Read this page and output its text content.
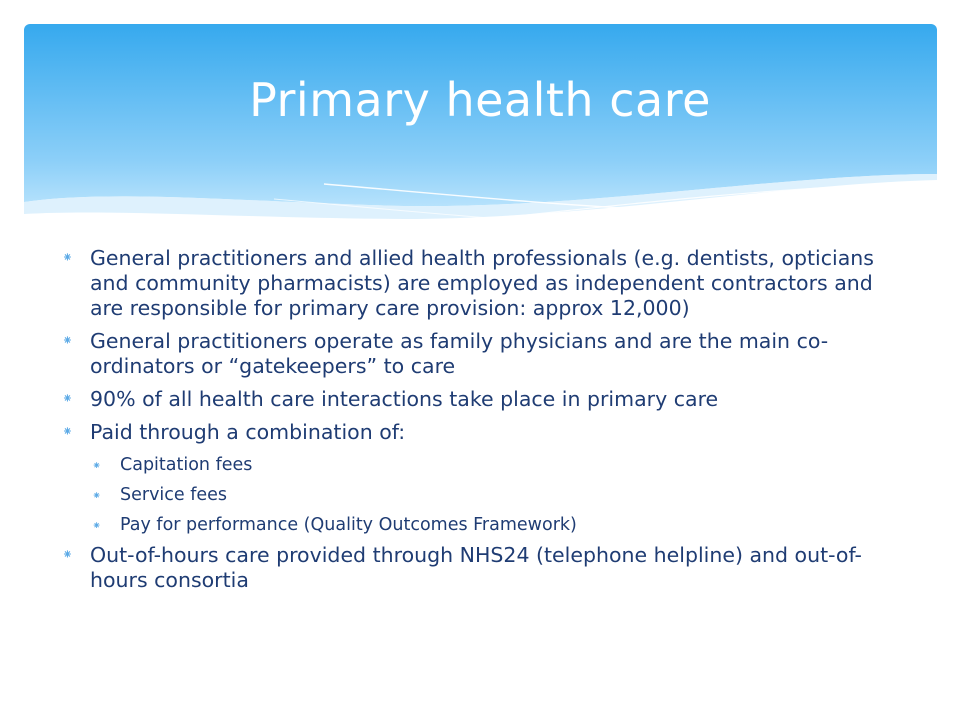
Primary health care
⁕ General practitioners and allied health professionals (e.g. dentists, opticians and community pharmacists) are employed as independent contractors and are responsible for primary care provision: approx 12,000)
⁕ General practitioners operate as family physicians and are the main co-ordinators or “gatekeepers” to care
⁕ 90% of all health care interactions take place in primary care
⁕ Paid through a combination of:
⁕ Capitation fees
⁕ Service fees
⁕ Pay for performance (Quality Outcomes Framework)
⁕ Out-of-hours care provided through NHS24 (telephone helpline) and out-of-hours consortia
